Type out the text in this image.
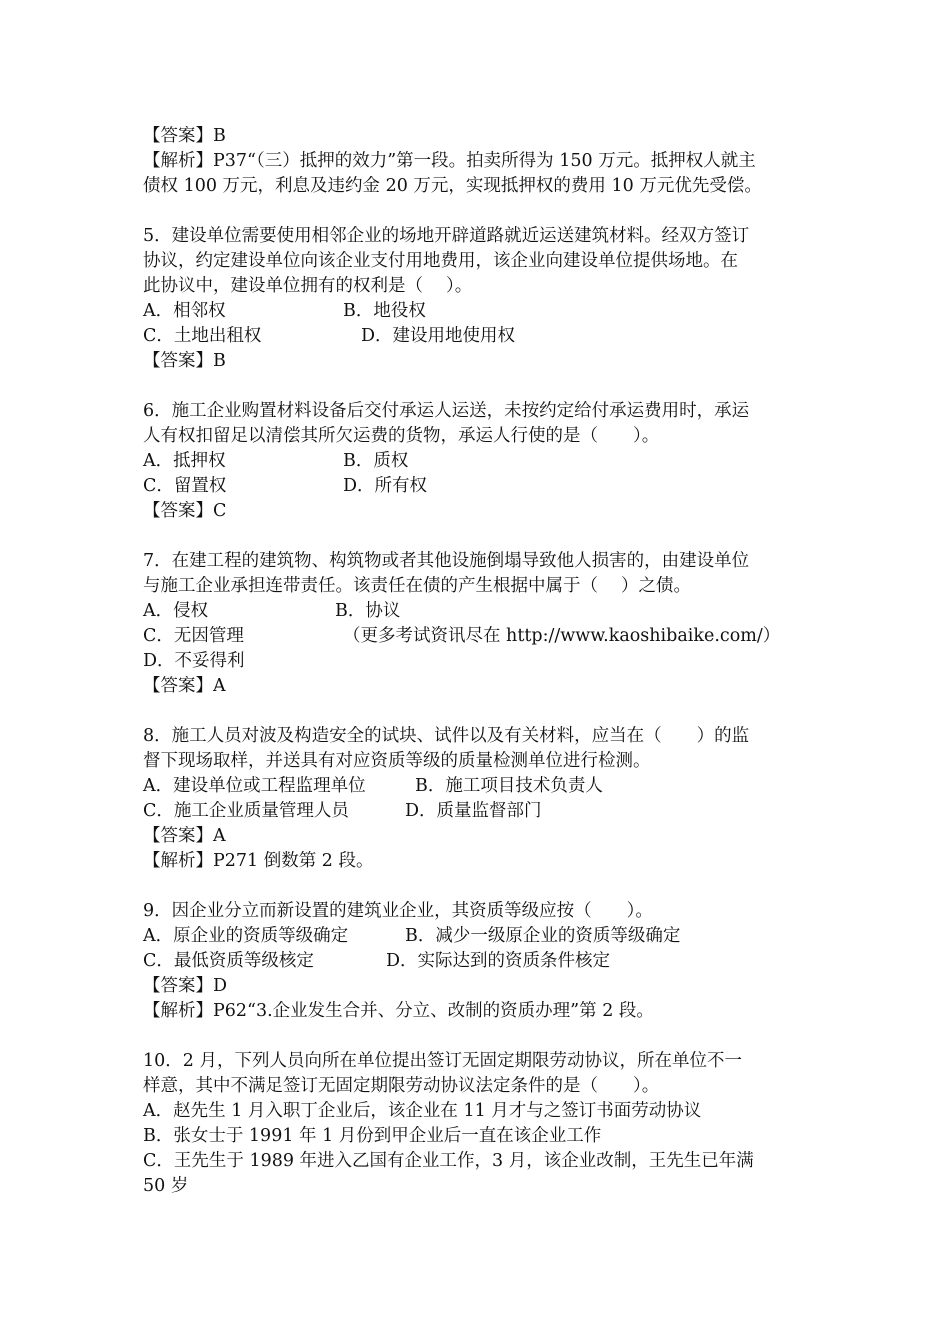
【答案】B
【解析】P37“（三）抵押的效力”第一段。拍卖所得为 150 万元。抵押权人就主
债权 100 万元，利息及违约金 20 万元，实现抵押权的费用 10 万元优先受偿。
5．建设单位需要使用相邻企业的场地开辟道路就近运送建筑材料。经双方签订
协议，约定建设单位向该企业支付用地费用，该企业向建设单位提供场地。在
此协议中，建设单位拥有的权利是（　 ）。
A．相邻权	B．地役权
C．土地出租权	D．建设用地使用权
【答案】B
6．施工企业购置材料设备后交付承运人运送，未按约定给付承运费用时，承运
人有权扣留足以清偿其所欠运费的货物，承运人行使的是（　　）。
A．抵押权	B．质权
C．留置权	D．所有权
【答案】C
7．在建工程的建筑物、构筑物或者其他设施倒塌导致他人损害的，由建设单位
与施工企业承担连带责任。该责任在债的产生根据中属于（　 ）之债。
A．侵权	B．协议
C．无因管理	（更多考试资讯尽在 http://www.kaoshibaike.com/）
D．不妥得利
【答案】A
8．施工人员对波及构造安全的试块、试件以及有关材料，应当在（　　）的监
督下现场取样，并送具有对应资质等级的质量检测单位进行检测。
A．建设单位或工程监理单位	B．施工项目技术负责人
C．施工企业质量管理人员	D．质量监督部门
【答案】A
【解析】P271 倒数第 2 段。
9．因企业分立而新设置的建筑业企业，其资质等级应按（　　）。
A．原企业的资质等级确定	B．减少一级原企业的资质等级确定
C．最低资质等级核定	D．实际达到的资质条件核定
【答案】D
【解析】P62“3.企业发生合并、分立、改制的资质办理”第 2 段。
10．2 月，下列人员向所在单位提出签订无固定期限劳动协议，所在单位不一
样意，其中不满足签订无固定期限劳动协议法定条件的是（　　）。
A．赵先生 1 月入职丁企业后，该企业在 11 月才与之签订书面劳动协议
B．张女士于 1991 年 1 月份到甲企业后一直在该企业工作
C．王先生于 1989 年进入乙国有企业工作，3 月，该企业改制，王先生已年满
50 岁
